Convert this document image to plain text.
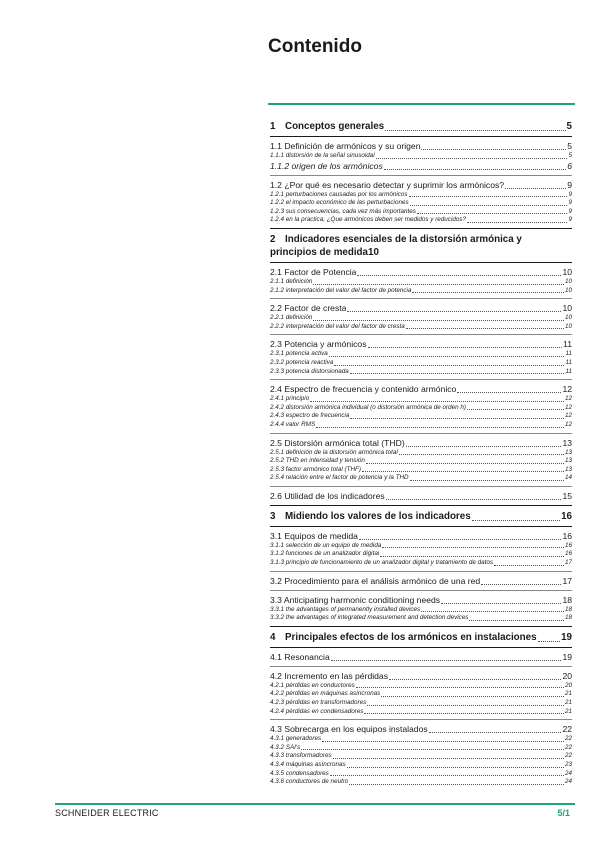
Contenido
1 Conceptos generales	5
1.1 Definición de armónicos y su origen	5
1.1.1 distorsión de la señal sinusoidal	5
1.1.2 origen de los armónicos	6
1.2 ¿Por qué es necesario detectar y suprimir los armónicos?	9
1.2.1 perturbaciones causadas por los armónicos	9
1.2.2 el impacto económico de las perturbaciones	9
1.2.3 sus consecuencias, cada vez más importantes	9
1.2.4 en la practica, ¿Que armónicos deben ser medidos y reducidos?	9
2 Indicadores esenciales de la distorsión armónica y
principios de medida 10
2.1 Factor de Potencia	10
2.1.1 definición	10
2.1.2 interpretación del valor del factor de potencia	10
2.2 Factor de cresta	10
2.2.1 definición	10
2.2.2 interpretación del valor del factor de cresta	10
2.3 Potencia y armónicos	11
2.3.1 potencia activa	11
2.3.2 potencia reactiva	11
2.3.3 potencia distorsionada	11
2.4 Espectro de frecuencia y contenido armónico	12
2.4.1 principio	12
2.4.2 distorsión armónica individual (o distorsión armónica de orden h)	12
2.4.3 espectro de frecuencia	12
2.4.4 valor RMS	12
2.5 Distorsión armónica total (THD)	13
2.5.1 definición de la distorsión armónica total	13
2.5.2 THD en intensidad y tensión	13
2.5.3 factor armónico total (THF)	13
2.5.4 relación entre el factor de potencia y la THD	14
2.6 Utilidad de los indicadores	15
3 Midiendo los valores de los indicadores	16
3.1 Equipos de medida	16
3.1.1 selección de un equipo de medida	16
3.1.2 funciones de un analizador digital	16
3.1.3 principio de funcionamiento de un analizador digital y tratamiento de datos	17
3.2 Procedimiento para el análisis armónico de una red	17
3.3 Anticipating harmonic conditioning needs	18
3.3.1 the advantages of permanently installed devices	18
3.3.2 the advantages of integrated measurement and detection devices	18
4 Principales efectos de los armónicos en instalaciones	19
4.1 Resonancia	19
4.2 Incremento en las pérdidas	20
4.2.1 pérdidas en conductores	20
4.2.2 pérdidas en máquinas asíncronas	21
4.2.3 pérdidas en transformadores	21
4.2.4 pérdidas en condensadores	21
4.3 Sobrecarga en los equipos instalados	22
4.3.1 generadores	22
4.3.2 SAI's	22
4.3.3 transformadores	22
4.3.4 máquinas asíncronas	23
4.3.5 condensadores	24
4.3.6 conductores de neutro	24
SCHNEIDER ELECTRIC	5/1
